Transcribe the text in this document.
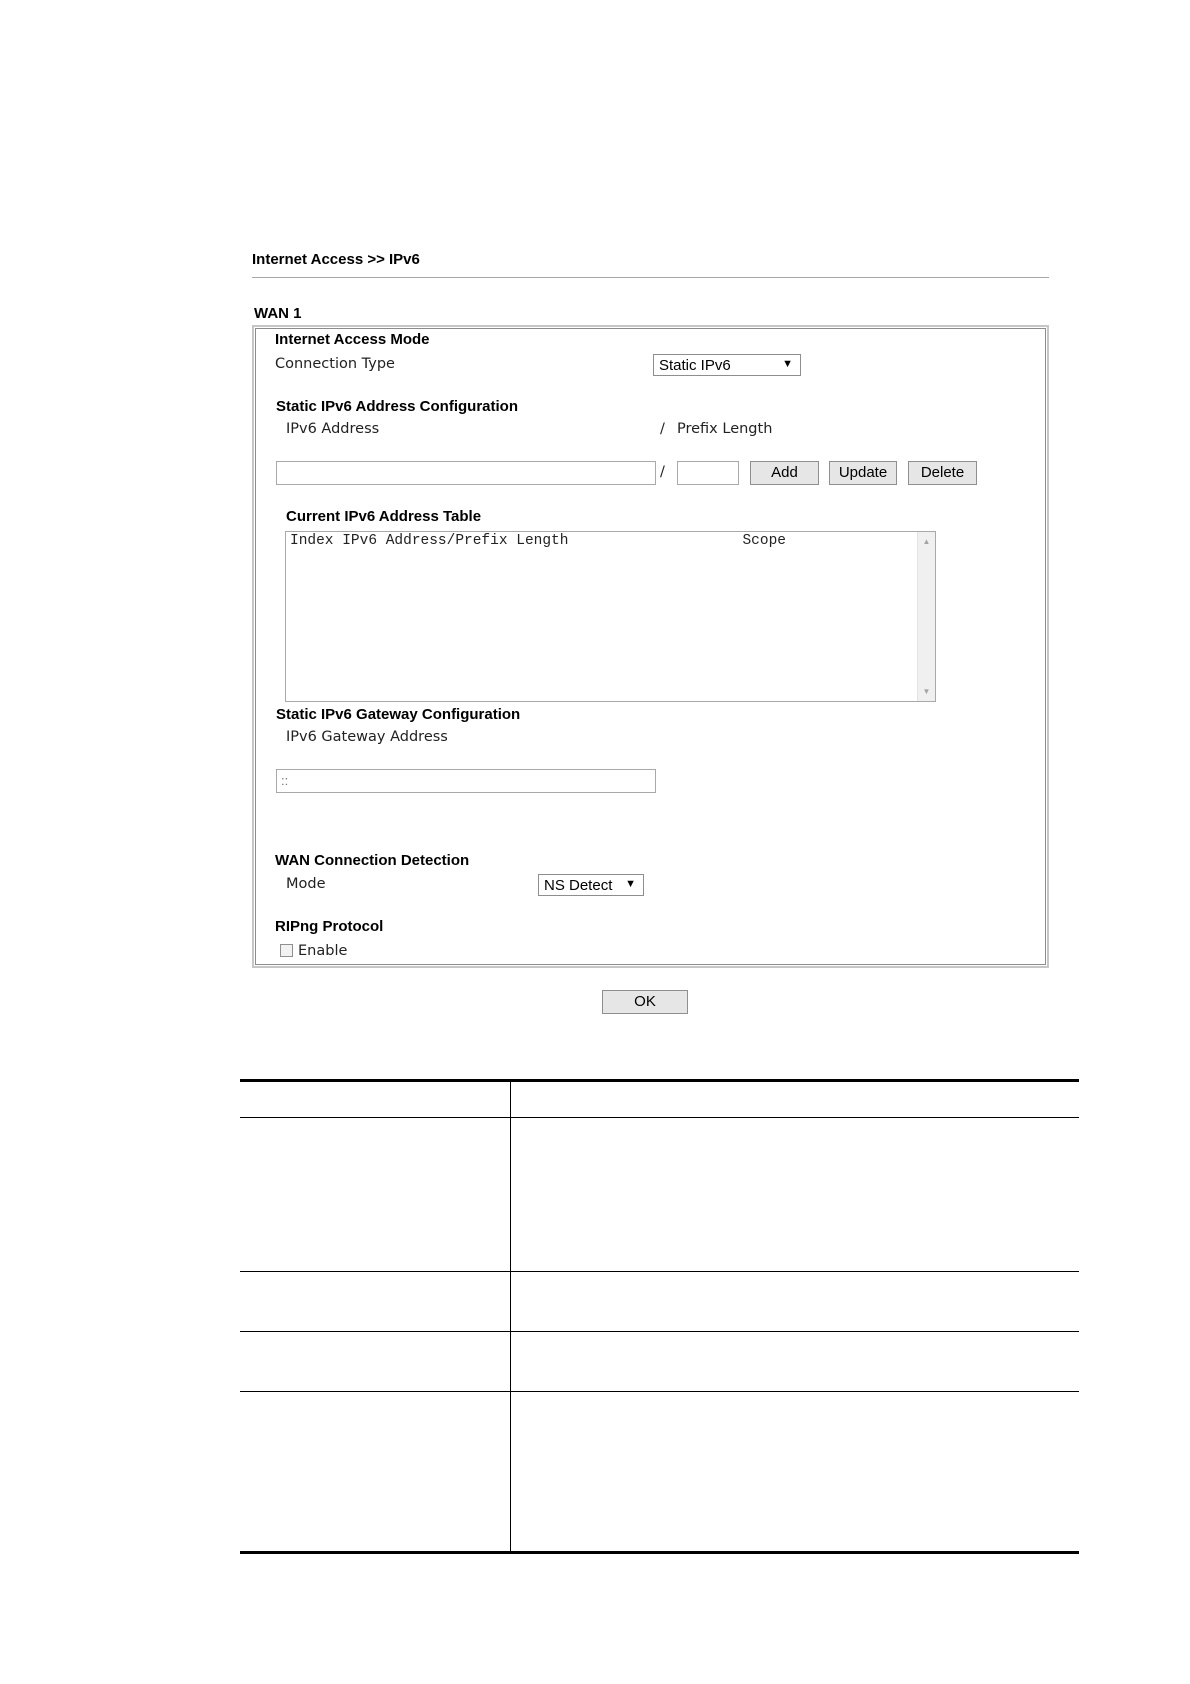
Internet Access >> IPv6
WAN 1
Internet Access Mode
Connection Type	Static IPv6	▼
Static IPv6 Address Configuration
IPv6 Address	/ Prefix Length
/	Add	Update	Delete
Current IPv6 Address Table
Index IPv6 Address/Prefix Length                    Scope	▲
▼
Static IPv6 Gateway Configuration
IPv6 Gateway Address
::
WAN Connection Detection
Mode	NS Detect ▼
RIPng Protocol
Enable
OK
